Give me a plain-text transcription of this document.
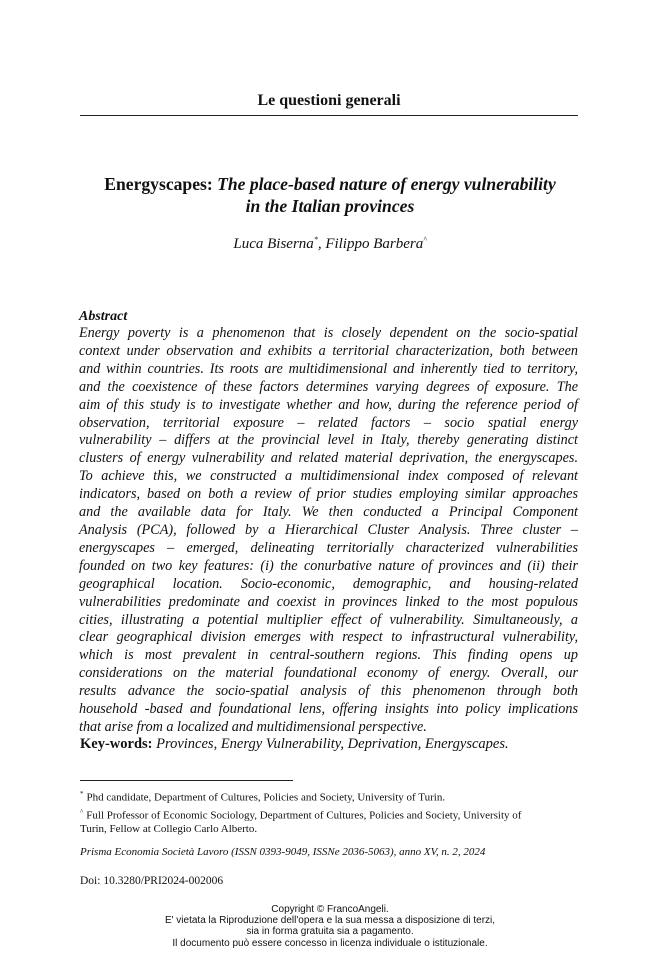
Le questioni generali
Energyscapes: The place-based nature of energy vulnerability
in the Italian provinces
Luca Biserna*, Filippo Barbera^
Abstract
Energy poverty is a phenomenon that is closely dependent on the socio-spatial
context under observation and exhibits a territorial characterization, both between
and within countries. Its roots are multidimensional and inherently tied to territory,
and the coexistence of these factors determines varying degrees of exposure. The
aim of this study is to investigate whether and how, during the reference period of
observation, territorial exposure – related factors – socio spatial energy
vulnerability – differs at the provincial level in Italy, thereby generating distinct
clusters of energy vulnerability and related material deprivation, the energyscapes.
To achieve this, we constructed a multidimensional index composed of relevant
indicators, based on both a review of prior studies employing similar approaches
and the available data for Italy. We then conducted a Principal Component
Analysis (PCA), followed by a Hierarchical Cluster Analysis. Three cluster –
energyscapes – emerged, delineating territorially characterized vulnerabilities
founded on two key features: (i) the conurbative nature of provinces and (ii) their
geographical location. Socio-economic, demographic, and housing-related
vulnerabilities predominate and coexist in provinces linked to the most populous
cities, illustrating a potential multiplier effect of vulnerability. Simultaneously, a
clear geographical division emerges with respect to infrastructural vulnerability,
which is most prevalent in central-southern regions. This finding opens up
considerations on the material foundational economy of energy. Overall, our
results advance the socio-spatial analysis of this phenomenon through both
household -based and foundational lens, offering insights into policy implications
that arise from a localized and multidimensional perspective.
Key-words: Provinces, Energy Vulnerability, Deprivation, Energyscapes.
* Phd candidate, Department of Cultures, Policies and Society, University of Turin.
^ Full Professor of Economic Sociology, Department of Cultures, Policies and Society, University of
Turin, Fellow at Collegio Carlo Alberto.
Prisma Economia Società Lavoro (ISSN 0393-9049, ISSNe 2036-5063), anno XV, n. 2, 2024
Doi: 10.3280/PRI2024-002006
Copyright © FrancoAngeli.
E' vietata la Riproduzione dell'opera e la sua messa a disposizione di terzi,
sia in forma gratuita sia a pagamento.
Il documento può essere concesso in licenza individuale o istituzionale.
